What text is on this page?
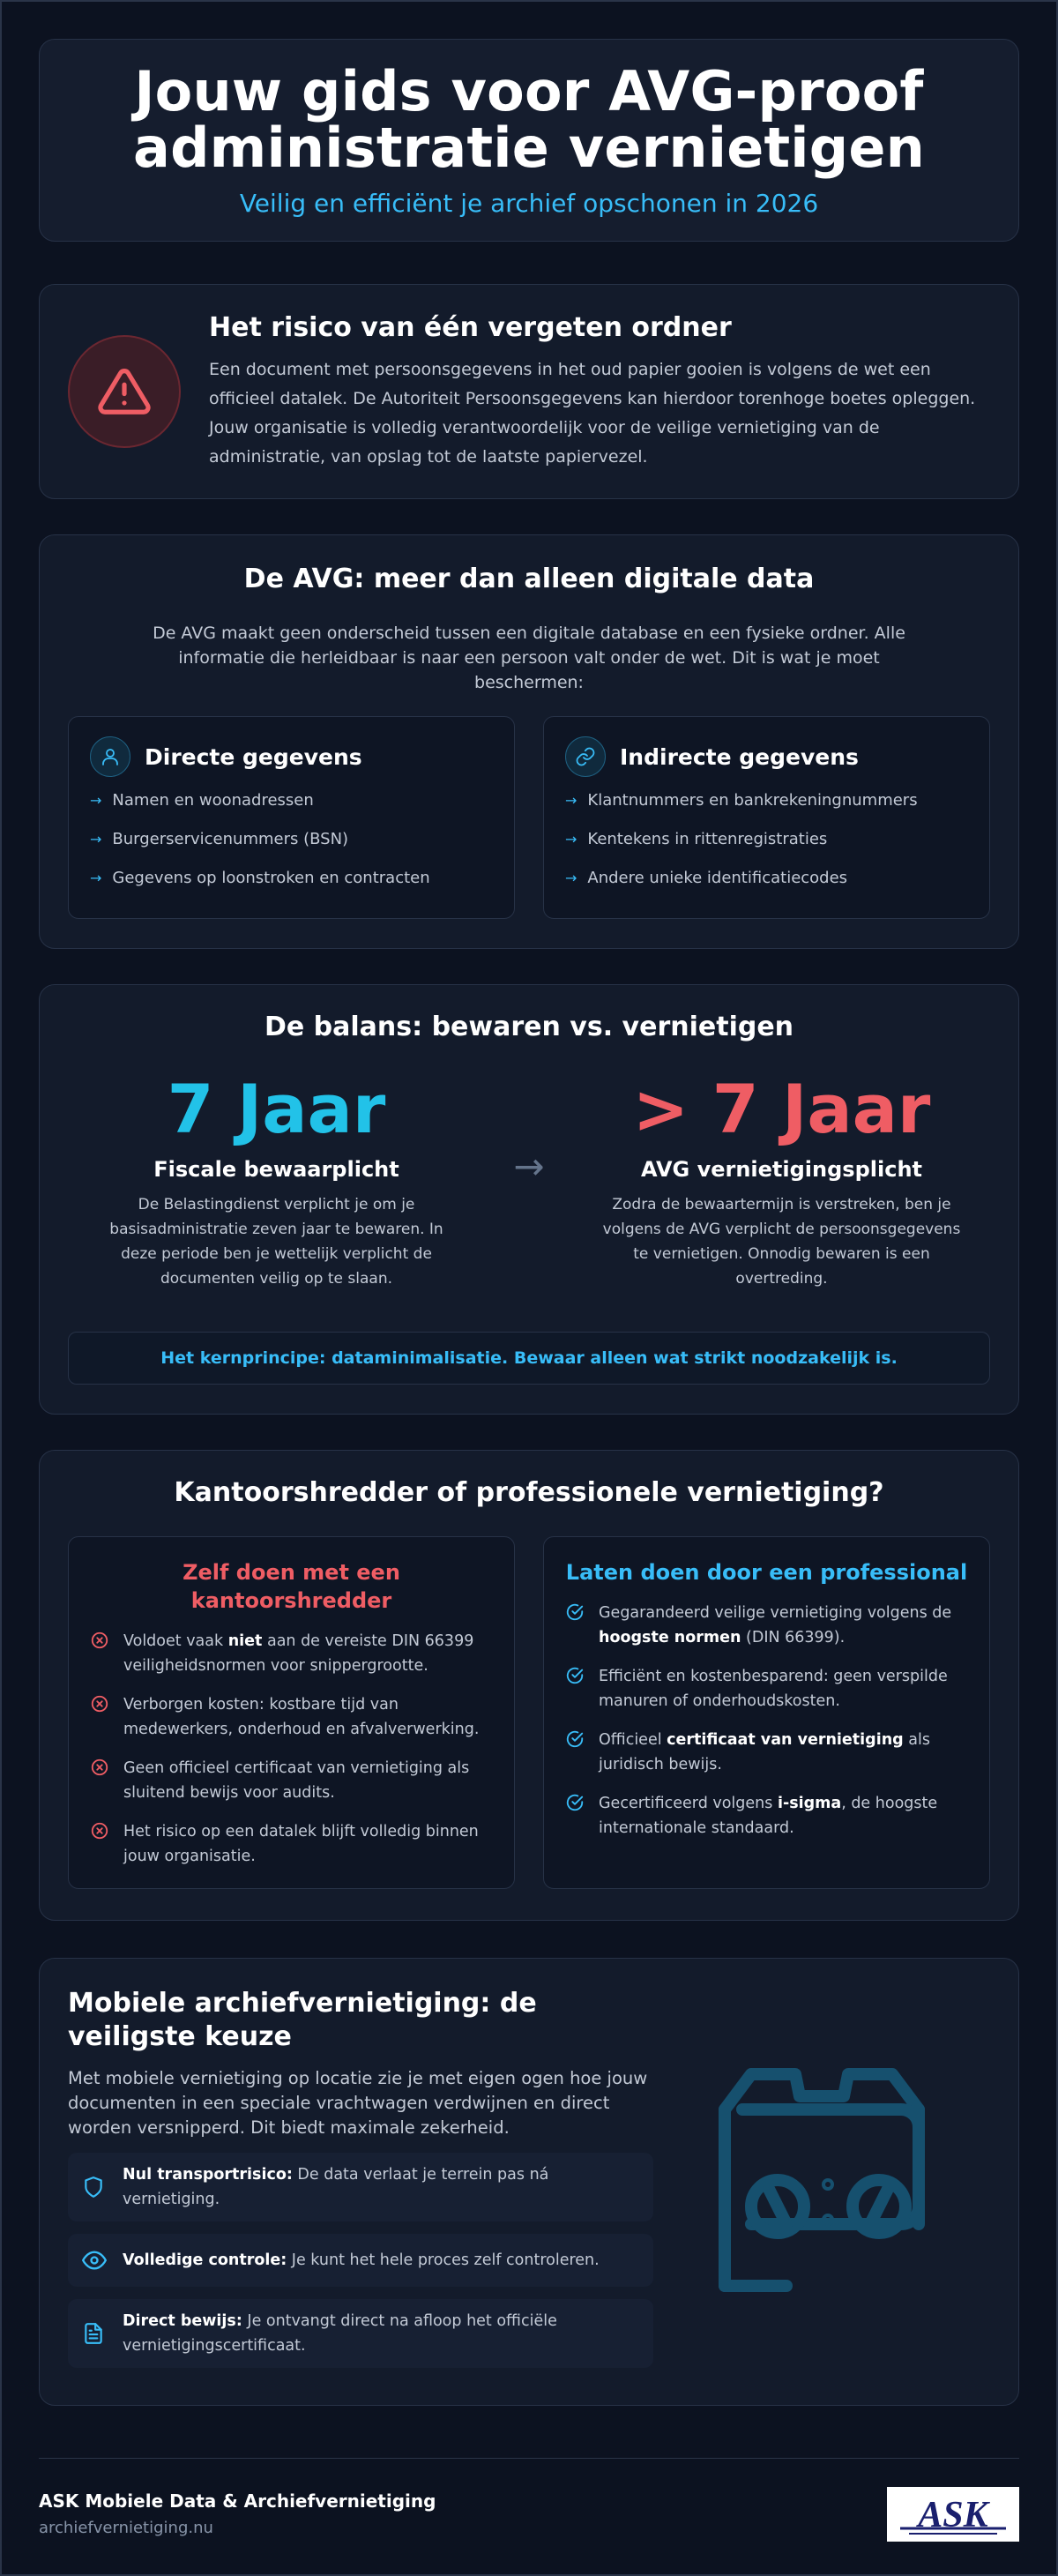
Jouw gids voor AVG-proof administratie vernietigen
Veilig en efficiënt je archief opschonen in 2026
Het risico van één vergeten ordner

Een document met persoonsgegevens in het oud papier gooien is volgens de wet een officieel datalek. De Autoriteit Persoonsgegevens kan hierdoor torenhoge boetes opleggen. Jouw organisatie is volledig verantwoordelijk voor de veilige vernietiging van de administratie, van opslag tot de laatste papiervezel.

De AVG: meer dan alleen digitale data

De AVG maakt geen onderscheid tussen een digitale database en een fysieke ordner. Alle informatie die herleidbaar is naar een persoon valt onder de wet. Dit is wat je moet beschermen:

Directe gegevens
→ Namen en woonadressen
→ Burgerservicenummers (BSN)
→ Gegevens op loonstroken en contracten
Indirecte gegevens
→ Klantnummers en bankrekeningnummers
→ Kentekens in rittenregistraties
→ Andere unieke identificatiecodes
De balans: bewaren vs. vernietigen
7 Jaar
Fiscale bewaarplicht

De Belastingdienst verplicht je om je basisadministratie zeven jaar te bewaren. In deze periode ben je wettelijk verplicht de documenten veilig op te slaan.

→
> 7 Jaar
AVG vernietigingsplicht

Zodra de bewaartermijn is verstreken, ben je volgens de AVG verplicht de persoonsgegevens te vernietigen. Onnodig bewaren is een overtreding.

Het kernprincipe: dataminimalisatie. Bewaar alleen wat strikt noodzakelijk is.
Kantoorshredder of professionele vernietiging?
Zelf doen met een kantoorshredder

Voldoet vaak niet aan de vereiste DIN 66399 veiligheidsnormen voor snippergrootte.

Verborgen kosten: kostbare tijd van medewerkers, onderhoud en afvalverwerking.

Geen officieel certificaat van vernietiging als sluitend bewijs voor audits.

Het risico op een datalek blijft volledig binnen jouw organisatie.

Laten doen door een professional

Gegarandeerd veilige vernietiging volgens de hoogste normen (DIN 66399).

Efficiënt en kostenbesparend: geen verspilde manuren of onderhoudskosten.

Officieel certificaat van vernietiging als juridisch bewijs.

Gecertificeerd volgens i-sigma, de hoogste internationale standaard.

Mobiele archiefvernietiging: de veiligste keuze

Met mobiele vernietiging op locatie zie je met eigen ogen hoe jouw documenten in een speciale vrachtwagen verdwijnen en direct worden versnipperd. Dit biedt maximale zekerheid.

Nul transportrisico: De data verlaat je terrein pas ná vernietiging.

Volledige controle: Je kunt het hele proces zelf controleren.

Direct bewijs: Je ontvangt direct na afloop het officiële vernietigingscertificaat.

ASK Mobiele Data & Archiefvernietiging
archiefvernietiging.nu	ASK
